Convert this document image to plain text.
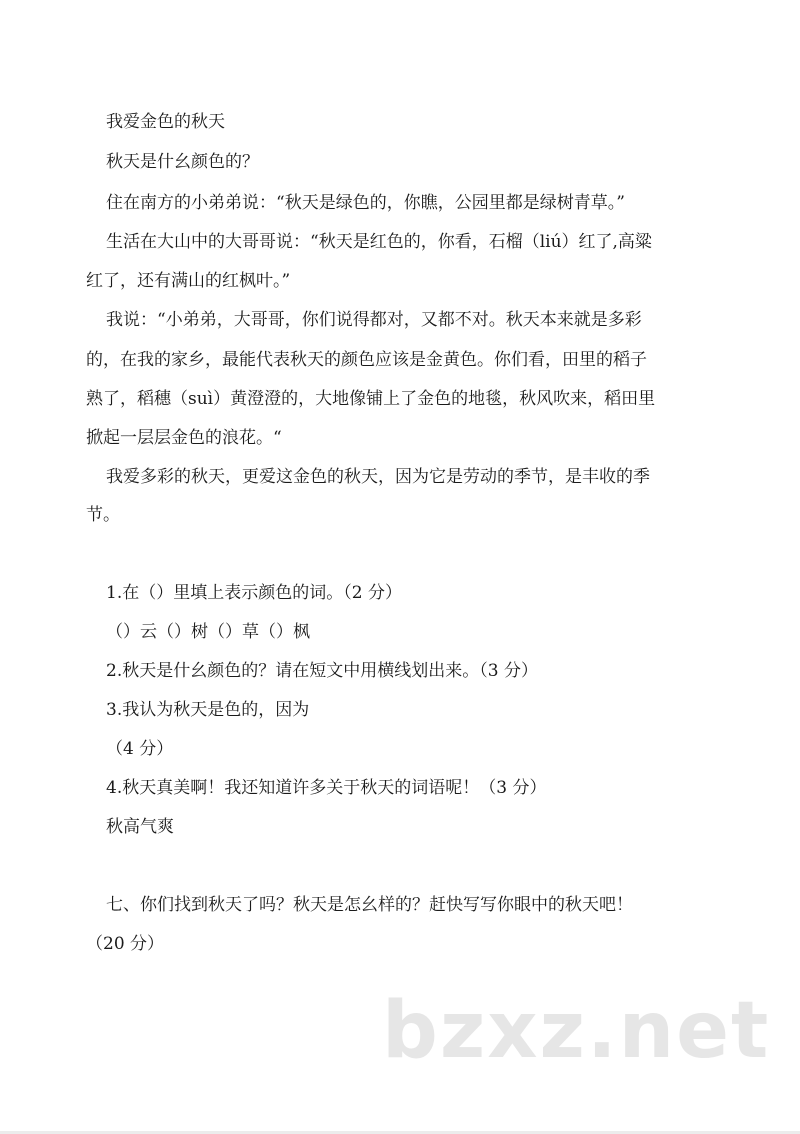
我爱金色的秋天
秋天是什幺颜色的？
住在南方的小弟弟说：“秋天是绿色的，你瞧，公园里都是绿树青草。”
生活在大山中的大哥哥说：“秋天是红色的，你看，石榴（liú）红了,高粱
红了，还有满山的红枫叶。”
我说：“小弟弟，大哥哥，你们说得都对，又都不对。秋天本来就是多彩
的，在我的家乡，最能代表秋天的颜色应该是金黄色。你们看，田里的稻子
熟了，稻穗（suì）黄澄澄的，大地像铺上了金色的地毯，秋风吹来，稻田里
掀起一层层金色的浪花。“
我爱多彩的秋天，更爱这金色的秋天，因为它是劳动的季节，是丰收的季
节。
1.在（）里填上表示颜色的词。（2 分）
（）云（）树（）草（）枫
2.秋天是什幺颜色的？请在短文中用横线划出来。（3 分）
3.我认为秋天是色的，因为
（4 分）
4.秋天真美啊！我还知道许多关于秋天的词语呢！（3 分）
秋高气爽
七、你们找到秋天了吗？秋天是怎幺样的？赶快写写你眼中的秋天吧！
（20 分）
bzxz.net
